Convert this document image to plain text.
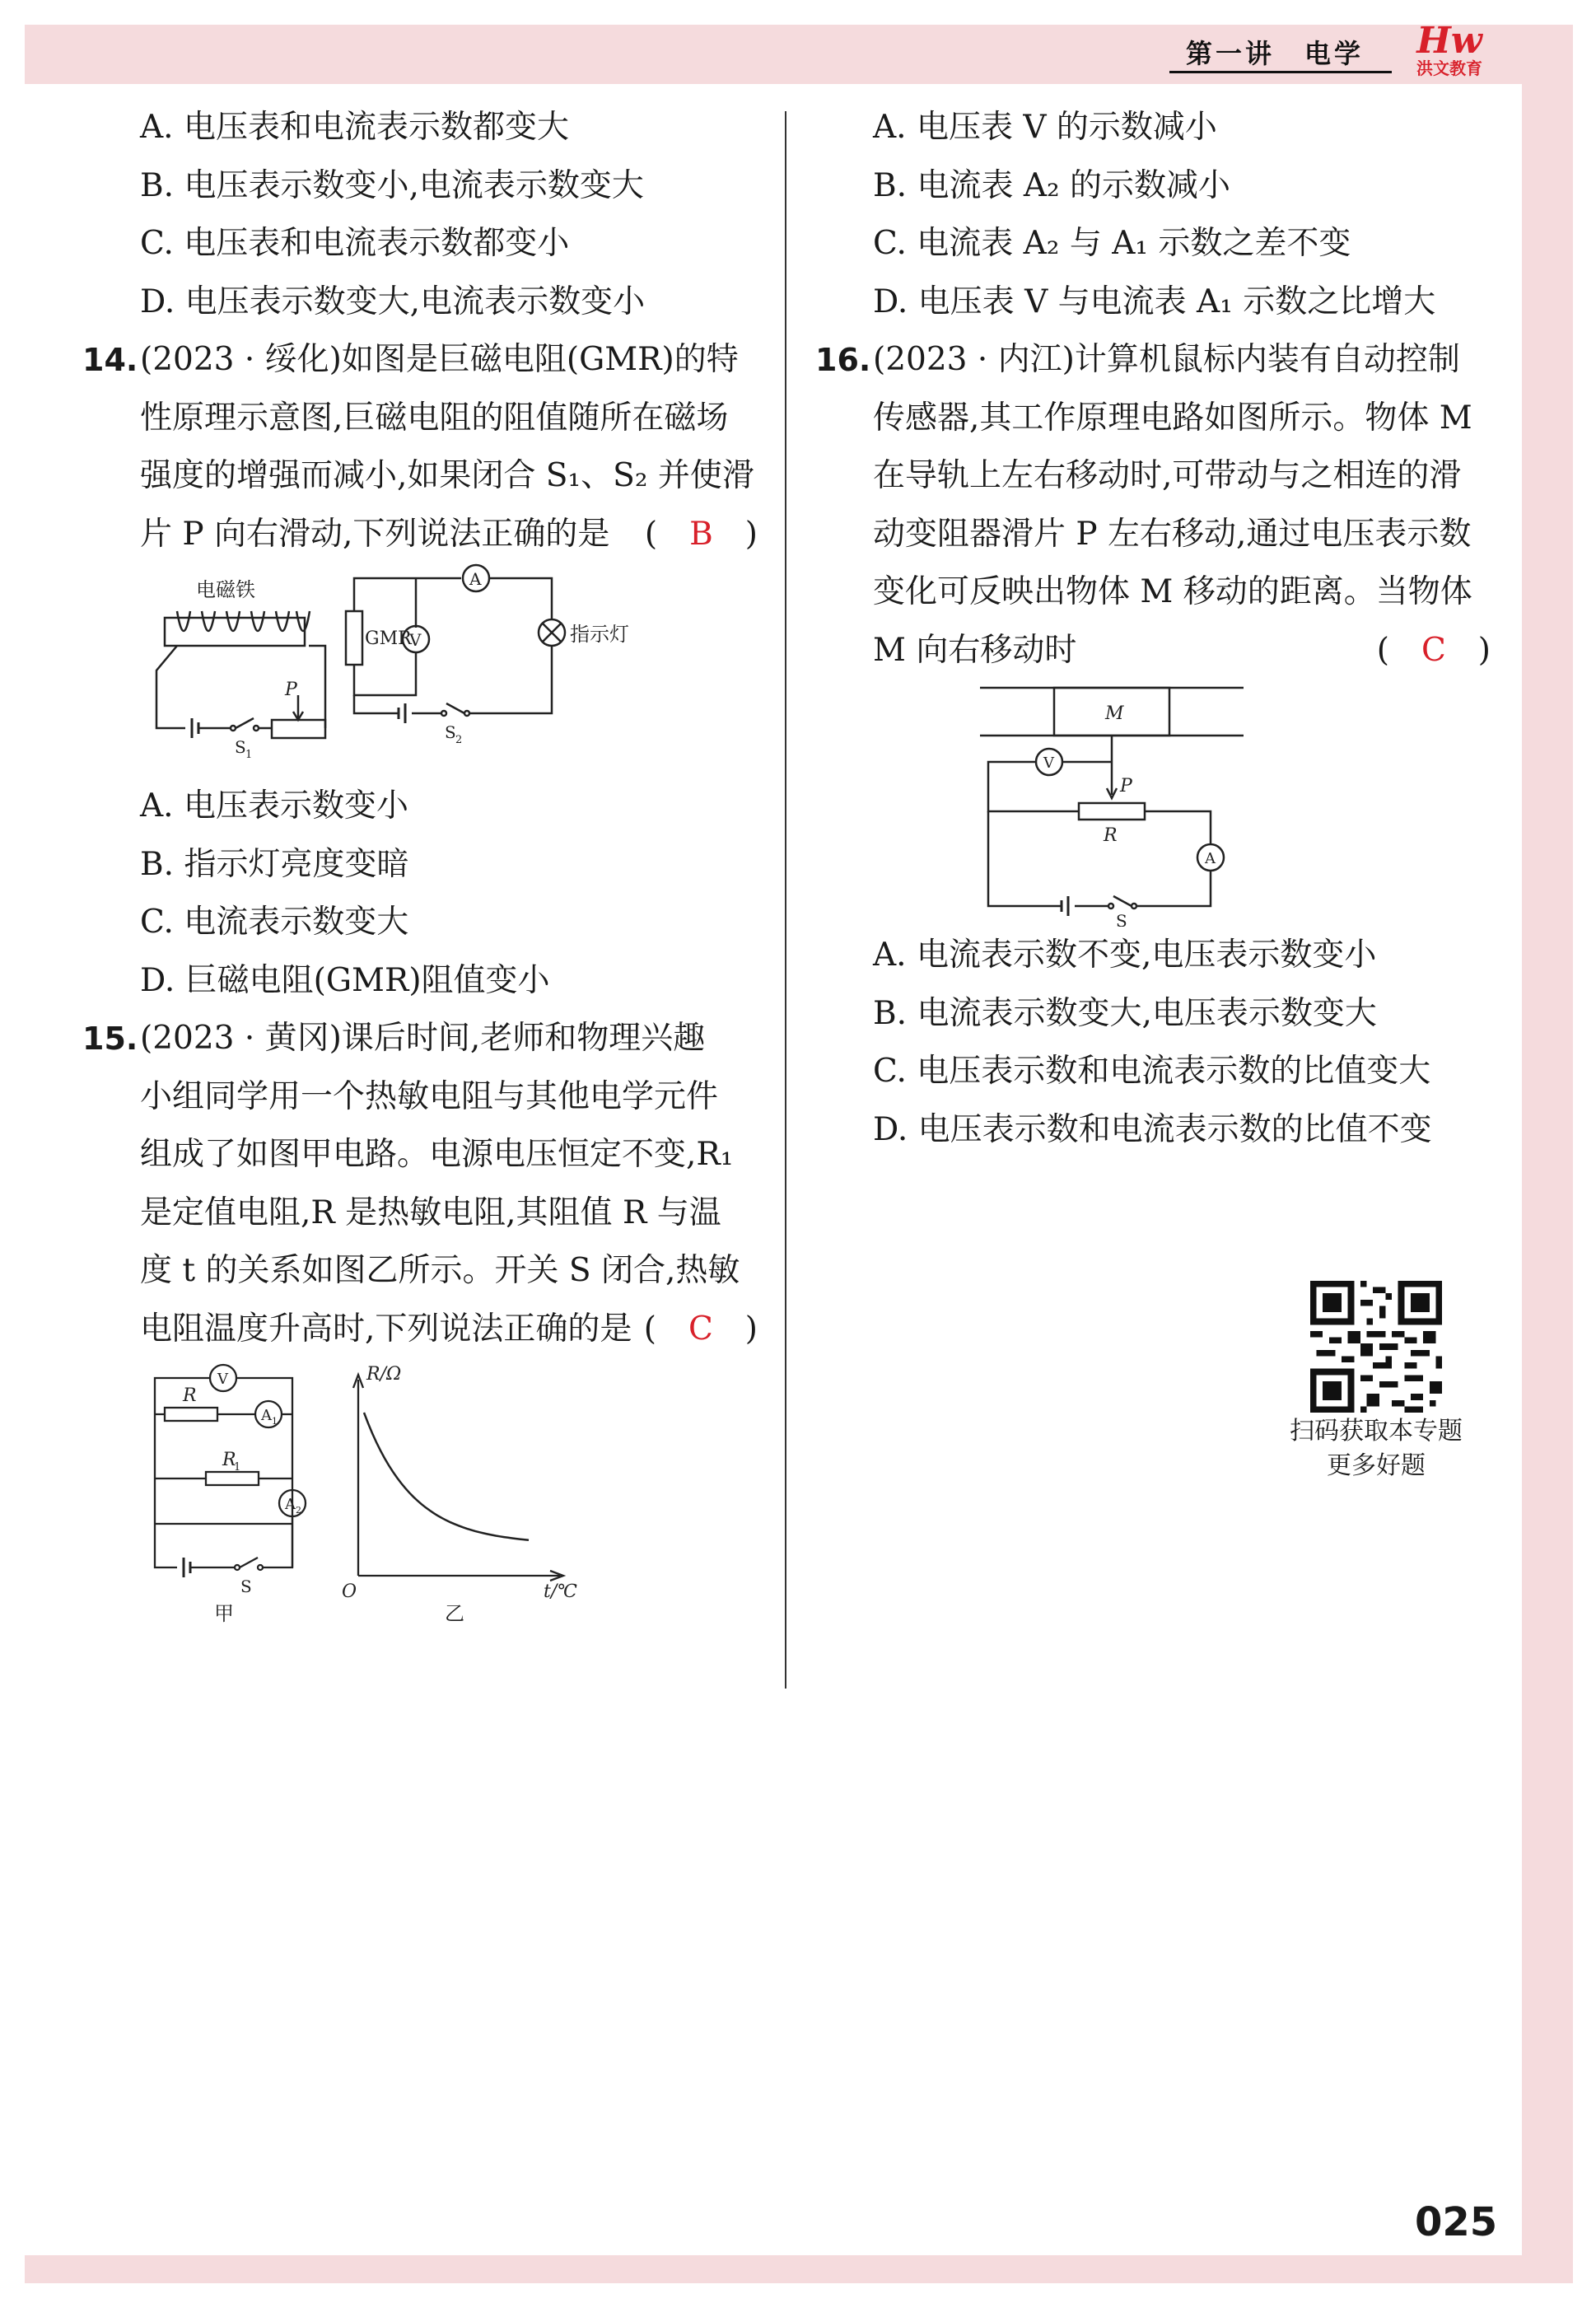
第一讲　电学 Hw
洪文教育
A. 电压表和电流表示数都变大
B. 电压表示数变小,电流表示数变大
C. 电压表和电流表示数都变小
D. 电压表示数变大,电流表示数变小
14. (2023 · 绥化)如图是巨磁电阻(GMR)的特
性原理示意图,巨磁电阻的阻值随所在磁场
强度的增强而减小,如果闭合 S₁、S₂ 并使滑
片 P 向右滑动,下列说法正确的是 (　B　)
电磁铁
GMR
V
A
指示灯
P
S 1
S 2
A. 电压表示数变小
B. 指示灯亮度变暗
C. 电流表示数变大
D. 巨磁电阻(GMR)阻值变小
15. (2023 · 黄冈)课后时间,老师和物理兴趣
小组同学用一个热敏电阻与其他电学元件
组成了如图甲电路。电源电压恒定不变,R₁
是定值电阻,R 是热敏电阻,其阻值 R 与温
度 t 的关系如图乙所示。开关 S 闭合,热敏
电阻温度升高时,下列说法正确的是 (　C　)
V
R
A 1
R
1
A 2
S
R/Ω
t/℃
O
甲	乙
A. 电压表 V 的示数减小
B. 电流表 A₂ 的示数减小
C. 电流表 A₂ 与 A₁ 示数之差不变
D. 电压表 V 与电流表 A₁ 示数之比增大
16. (2023 · 内江)计算机鼠标内装有自动控制
传感器,其工作原理电路如图所示。物体 M
在导轨上左右移动时,可带动与之相连的滑
动变阻器滑片 P 左右移动,通过电压表示数
变化可反映出物体 M 移动的距离。当物体
M 向右移动时	(　C　)
M
V
P
R
A
S
A. 电流表示数不变,电压表示数变小
B. 电流表示数变大,电压表示数变大
C. 电压表示数和电流表示数的比值变大
D. 电压表示数和电流表示数的比值不变
扫码获取本专题
更多好题
025
